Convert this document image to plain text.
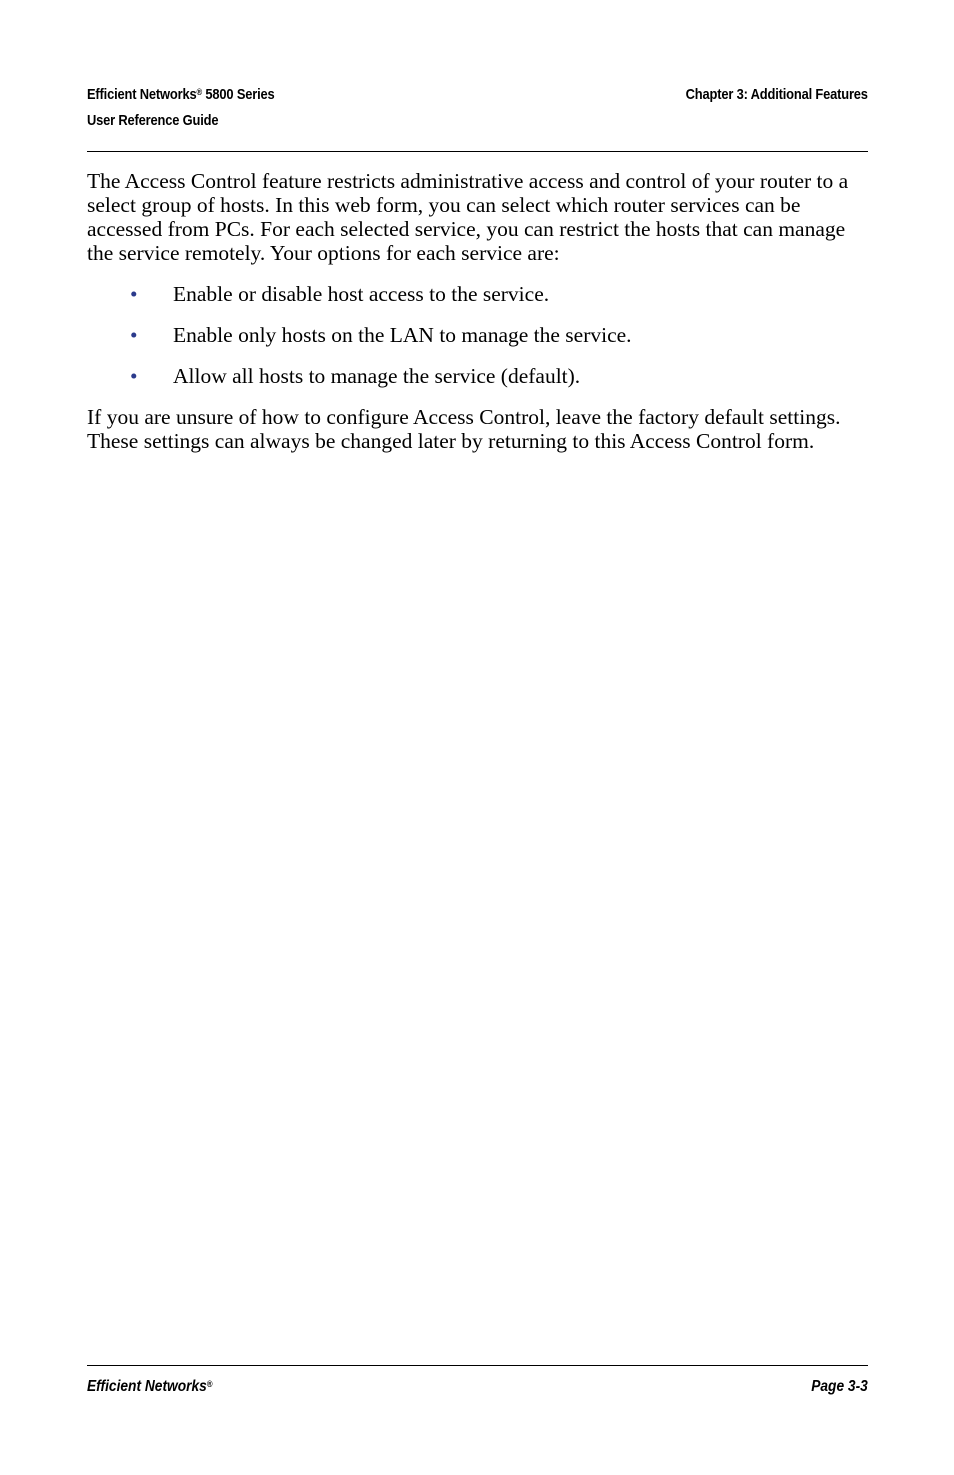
Efficient Networks® 5800 Series
User Reference Guide
Chapter 3: Additional Features

The Access Control feature restricts administrative access and control of your router to a select group of hosts. In this web form, you can select which router services can be accessed from PCs. For each selected service, you can restrict the hosts that can manage the service remotely. Your options for each service are:

• Enable or disable host access to the service.
• Enable only hosts on the LAN to manage the service.
• Allow all hosts to manage the service (default).

If you are unsure of how to configure Access Control, leave the factory default settings. These settings can always be changed later by returning to this Access Control form.

Efficient Networks®	Page 3-3
